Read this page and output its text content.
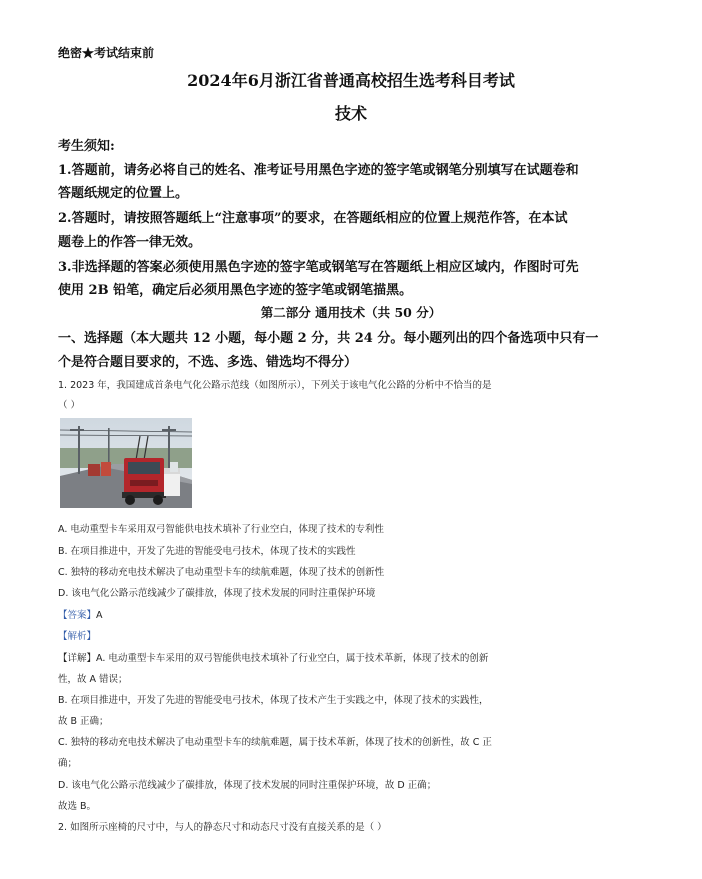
绝密★考试结束前
2024年6月浙江省普通高校招生选考科目考试
技术
考生须知:
1.答题前，请务必将自己的姓名、准考证号用黑色字迹的签字笔或钢笔分别填写在试题卷和
答题纸规定的位置上。
2.答题时，请按照答题纸上“注意事项”的要求，在答题纸相应的位置上规范作答，在本试
题卷上的作答一律无效。
3.非选择题的答案必须使用黑色字迹的签字笔或钢笔写在答题纸上相应区域内，作图时可先
使用 2B 铅笔，确定后必须用黑色字迹的签字笔或钢笔描黑。
第二部分 通用技术（共 50 分）
一、选择题（本大题共 12 小题，每小题 2 分，共 24 分。每小题列出的四个备选项中只有一
个是符合题目要求的，不选、多选、错选均不得分）
1. 2023 年，我国建成首条电气化公路示范线（如图所示），下列关于该电气化公路的分析中不恰当的是
（ ）
A. 电动重型卡车采用双弓智能供电技术填补了行业空白，体现了技术的专利性
B. 在项目推进中，开发了先进的智能受电弓技术，体现了技术的实践性
C. 独特的移动充电技术解决了电动重型卡车的续航难题，体现了技术的创新性
D. 该电气化公路示范线减少了碳排放，体现了技术发展的同时注重保护环境
【答案】A
【解析】
【详解】A. 电动重型卡车采用的双弓智能供电技术填补了行业空白，属于技术革新，体现了技术的创新
性，故 A 错误；
B. 在项目推进中，开发了先进的智能受电弓技术，体现了技术产生于实践之中，体现了技术的实践性，
故 B 正确；
C. 独特的移动充电技术解决了电动重型卡车的续航难题，属于技术革新，体现了技术的创新性，故 C 正
确；
D. 该电气化公路示范线减少了碳排放，体现了技术发展的同时注重保护环境，故 D 正确；
故选 B。
2. 如图所示座椅的尺寸中，与人的静态尺寸和动态尺寸没有直接关系的是（ ）
